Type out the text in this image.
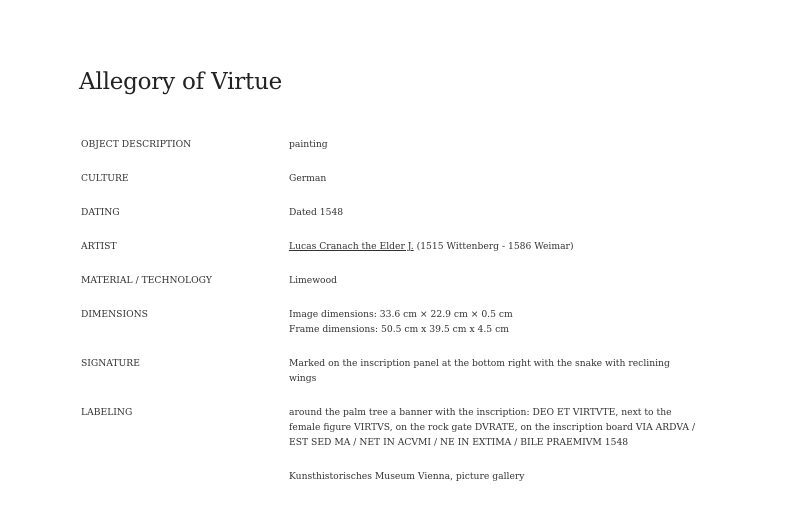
Allegory of Virtue
OBJECT DESCRIPTION	painting
CULTURE	German
DATING	Dated 1548
ARTIST	Lucas Cranach the Elder J. (1515 Wittenberg - 1586 Weimar)
MATERIAL / TECHNOLOGY	Limewood
DIMENSIONS	Image dimensions: 33.6 cm × 22.9 cm × 0.5 cm
Frame dimensions: 50.5 cm x 39.5 cm x 4.5 cm
SIGNATURE	Marked on the inscription panel at the bottom right with the snake with reclining wings
LABELING	around the palm tree a banner with the inscription: DEO ET VIRTVTE, next to the female figure VIRTVS, on the rock gate DVRATE, on the inscription board VIA ARDVA / EST SED MA / NET IN ACVMI / NE IN EXTIMA / BILE PRAEMIVM 1548
Kunsthistorisches Museum Vienna, picture gallery
